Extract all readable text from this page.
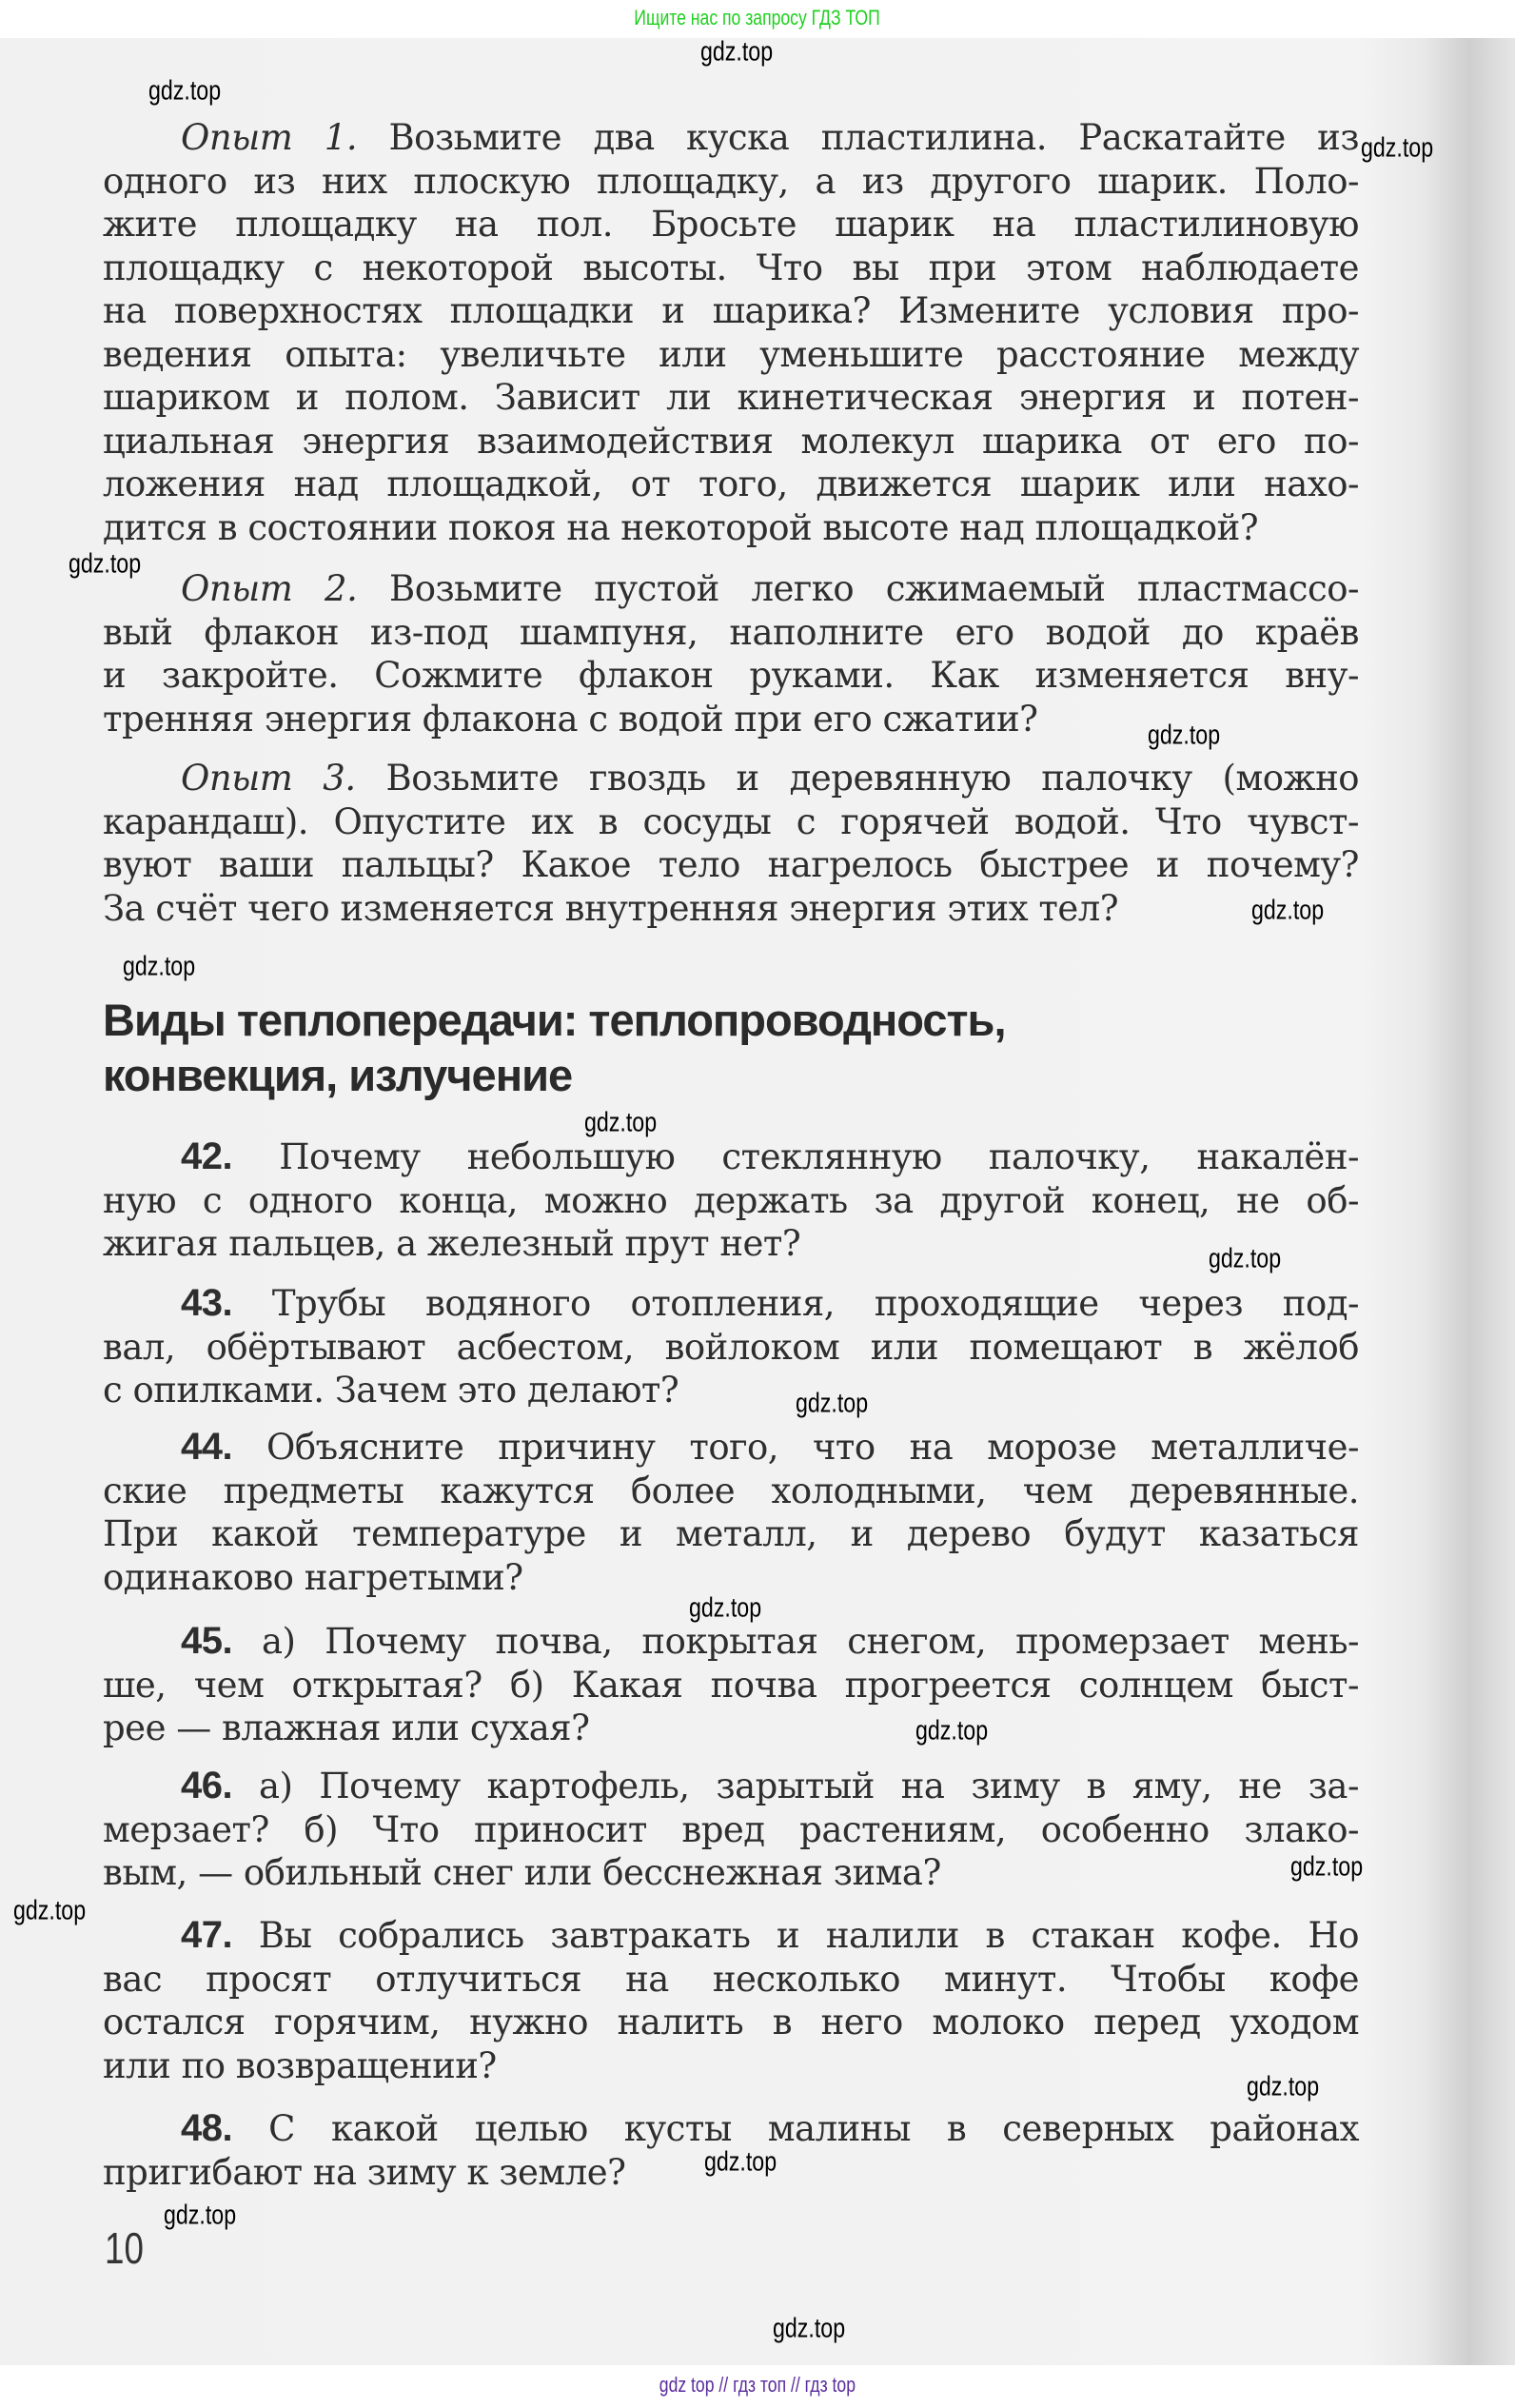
Ищите нас по запросу ГДЗ ТОП
Опыт 1. Возьмите два куска пластилина. Раскатайте из
одного из них плоскую площадку, а из другого шарик. Поло-
жите площадку на пол. Бросьте шарик на пластилиновую
площадку с некоторой высоты. Что вы при этом наблюдаете
на поверхностях площадки и шарика? Измените условия про-
ведения опыта: увеличьте или уменьшите расстояние между
шариком и полом. Зависит ли кинетическая энергия и потен-
циальная энергия взаимодействия молекул шарика от его по-
ложения над площадкой, от того, движется шарик или нахо-
дится в состоянии покоя на некоторой высоте над площадкой?
Опыт 2. Возьмите пустой легко сжимаемый пластмассо-
вый флакон из-под шампуня, наполните его водой до краёв
и закройте. Сожмите флакон руками. Как изменяется вну-
тренняя энергия флакона с водой при его сжатии?
Опыт 3. Возьмите гвоздь и деревянную палочку (можно
карандаш). Опустите их в сосуды с горячей водой. Что чувст-
вуют ваши пальцы? Какое тело нагрелось быстрее и почему?
За счёт чего изменяется внутренняя энергия этих тел?
42. Почему небольшую стеклянную палочку, накалён-
ную с одного конца, можно держать за другой конец, не об-
жигая пальцев, а железный прут нет?
43. Трубы водяного отопления, проходящие через под-
вал, обёртывают асбестом, войлоком или помещают в жёлоб
с опилками. Зачем это делают?
44. Объясните причину того, что на морозе металличе-
ские предметы кажутся более холодными, чем деревянные.
При какой температуре и металл, и дерево будут казаться
одинаково нагретыми?
45. а) Почему почва, покрытая снегом, промерзает мень-
ше, чем открытая? б) Какая почва прогреется солнцем быст-
рее — влажная или сухая?
46. а) Почему картофель, зарытый на зиму в яму, не за-
мерзает? б) Что приносит вред растениям, особенно злако-
вым, — обильный снег или бесснежная зима?
47. Вы собрались завтракать и налили в стакан кофе. Но
вас просят отлучиться на несколько минут. Чтобы кофе
остался горячим, нужно налить в него молоко перед уходом
или по возвращении?
48. С какой целью кусты малины в северных районах
пригибают на зиму к земле?
Виды теплопередачи: теплопроводность,
конвекция, излучение
10
gdz.top
gdz.top
gdz.top
gdz.top
gdz.top
gdz.top
gdz.top
gdz.top
gdz.top
gdz.top
gdz.top
gdz.top
gdz.top
gdz.top
gdz.top
gdz.top
gdz.top
gdz.top
gdz top // гдз топ // гдз top
